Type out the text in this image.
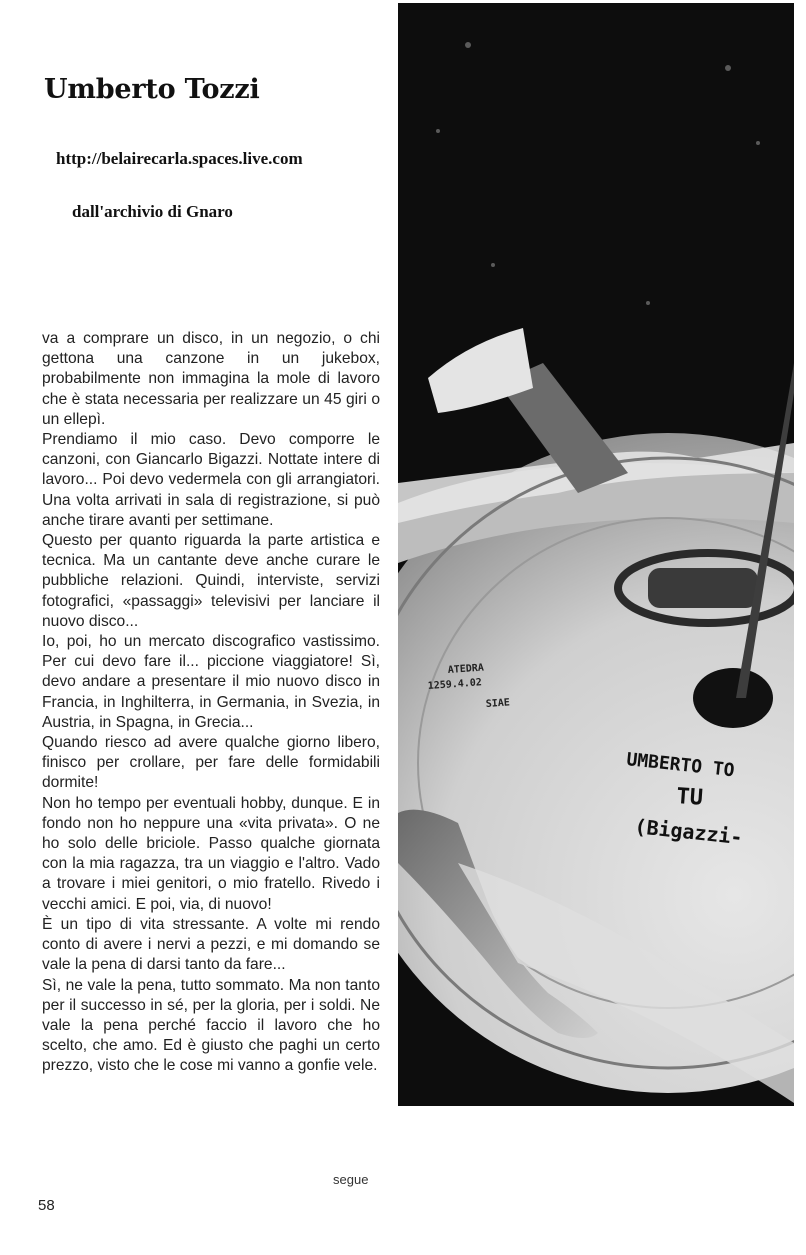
Umberto Tozzi
http://belairecarla.spaces.live.com
dall'archivio di Gnaro

va a comprare un disco, in un negozio, o chi gettona una canzone in un jukebox, probabilmente non immagina la mole di lavoro che è stata necessaria per realizzare un 45 giri o un ellepì.

Prendiamo il mio caso. Devo comporre le canzoni, con Giancarlo Bigazzi. Nottate intere di lavoro... Poi devo vedermela con gli arrangiatori. Una volta arrivati in sala di registrazione, si può anche tirare avanti per settimane.

Questo per quanto riguarda la parte artistica e tecnica. Ma un cantante deve anche curare le pubbliche relazioni. Quindi, interviste, servizi fotografici, «passaggi» televisivi per lanciare il nuovo disco...

Io, poi, ho un mercato discografico vastissimo. Per cui devo fare il... piccione viaggiatore! Sì, devo andare a presentare il mio nuovo disco in Francia, in Inghilterra, in Germania, in Svezia, in Austria, in Spagna, in Grecia...

Quando riesco ad avere qualche giorno libero, finisco per crollare, per fare delle formidabili dormite!

Non ho tempo per eventuali hobby, dunque. E in fondo non ho neppure una «vita privata». O ne ho solo delle briciole. Passo qualche giornata con la mia ragazza, tra un viaggio e l'altro. Vado a trovare i miei genitori, o mio fratello. Rivedo i vecchi amici. E poi, via, di nuovo!

È un tipo di vita stressante. A volte mi rendo conto di avere i nervi a pezzi, e mi domando se vale la pena di darsi tanto da fare...

Sì, ne vale la pena, tutto sommato. Ma non tanto per il successo in sé, per la gloria, per i soldi. Ne vale la pena perché faccio il lavoro che ho scelto, che amo. Ed è giusto che paghi un certo prezzo, visto che le cose mi vanno a gonfie vele.

segue
58
UMBERTO TO
TU
(Bigazzi-
ATEDRA
1259.4.02
SIAE
